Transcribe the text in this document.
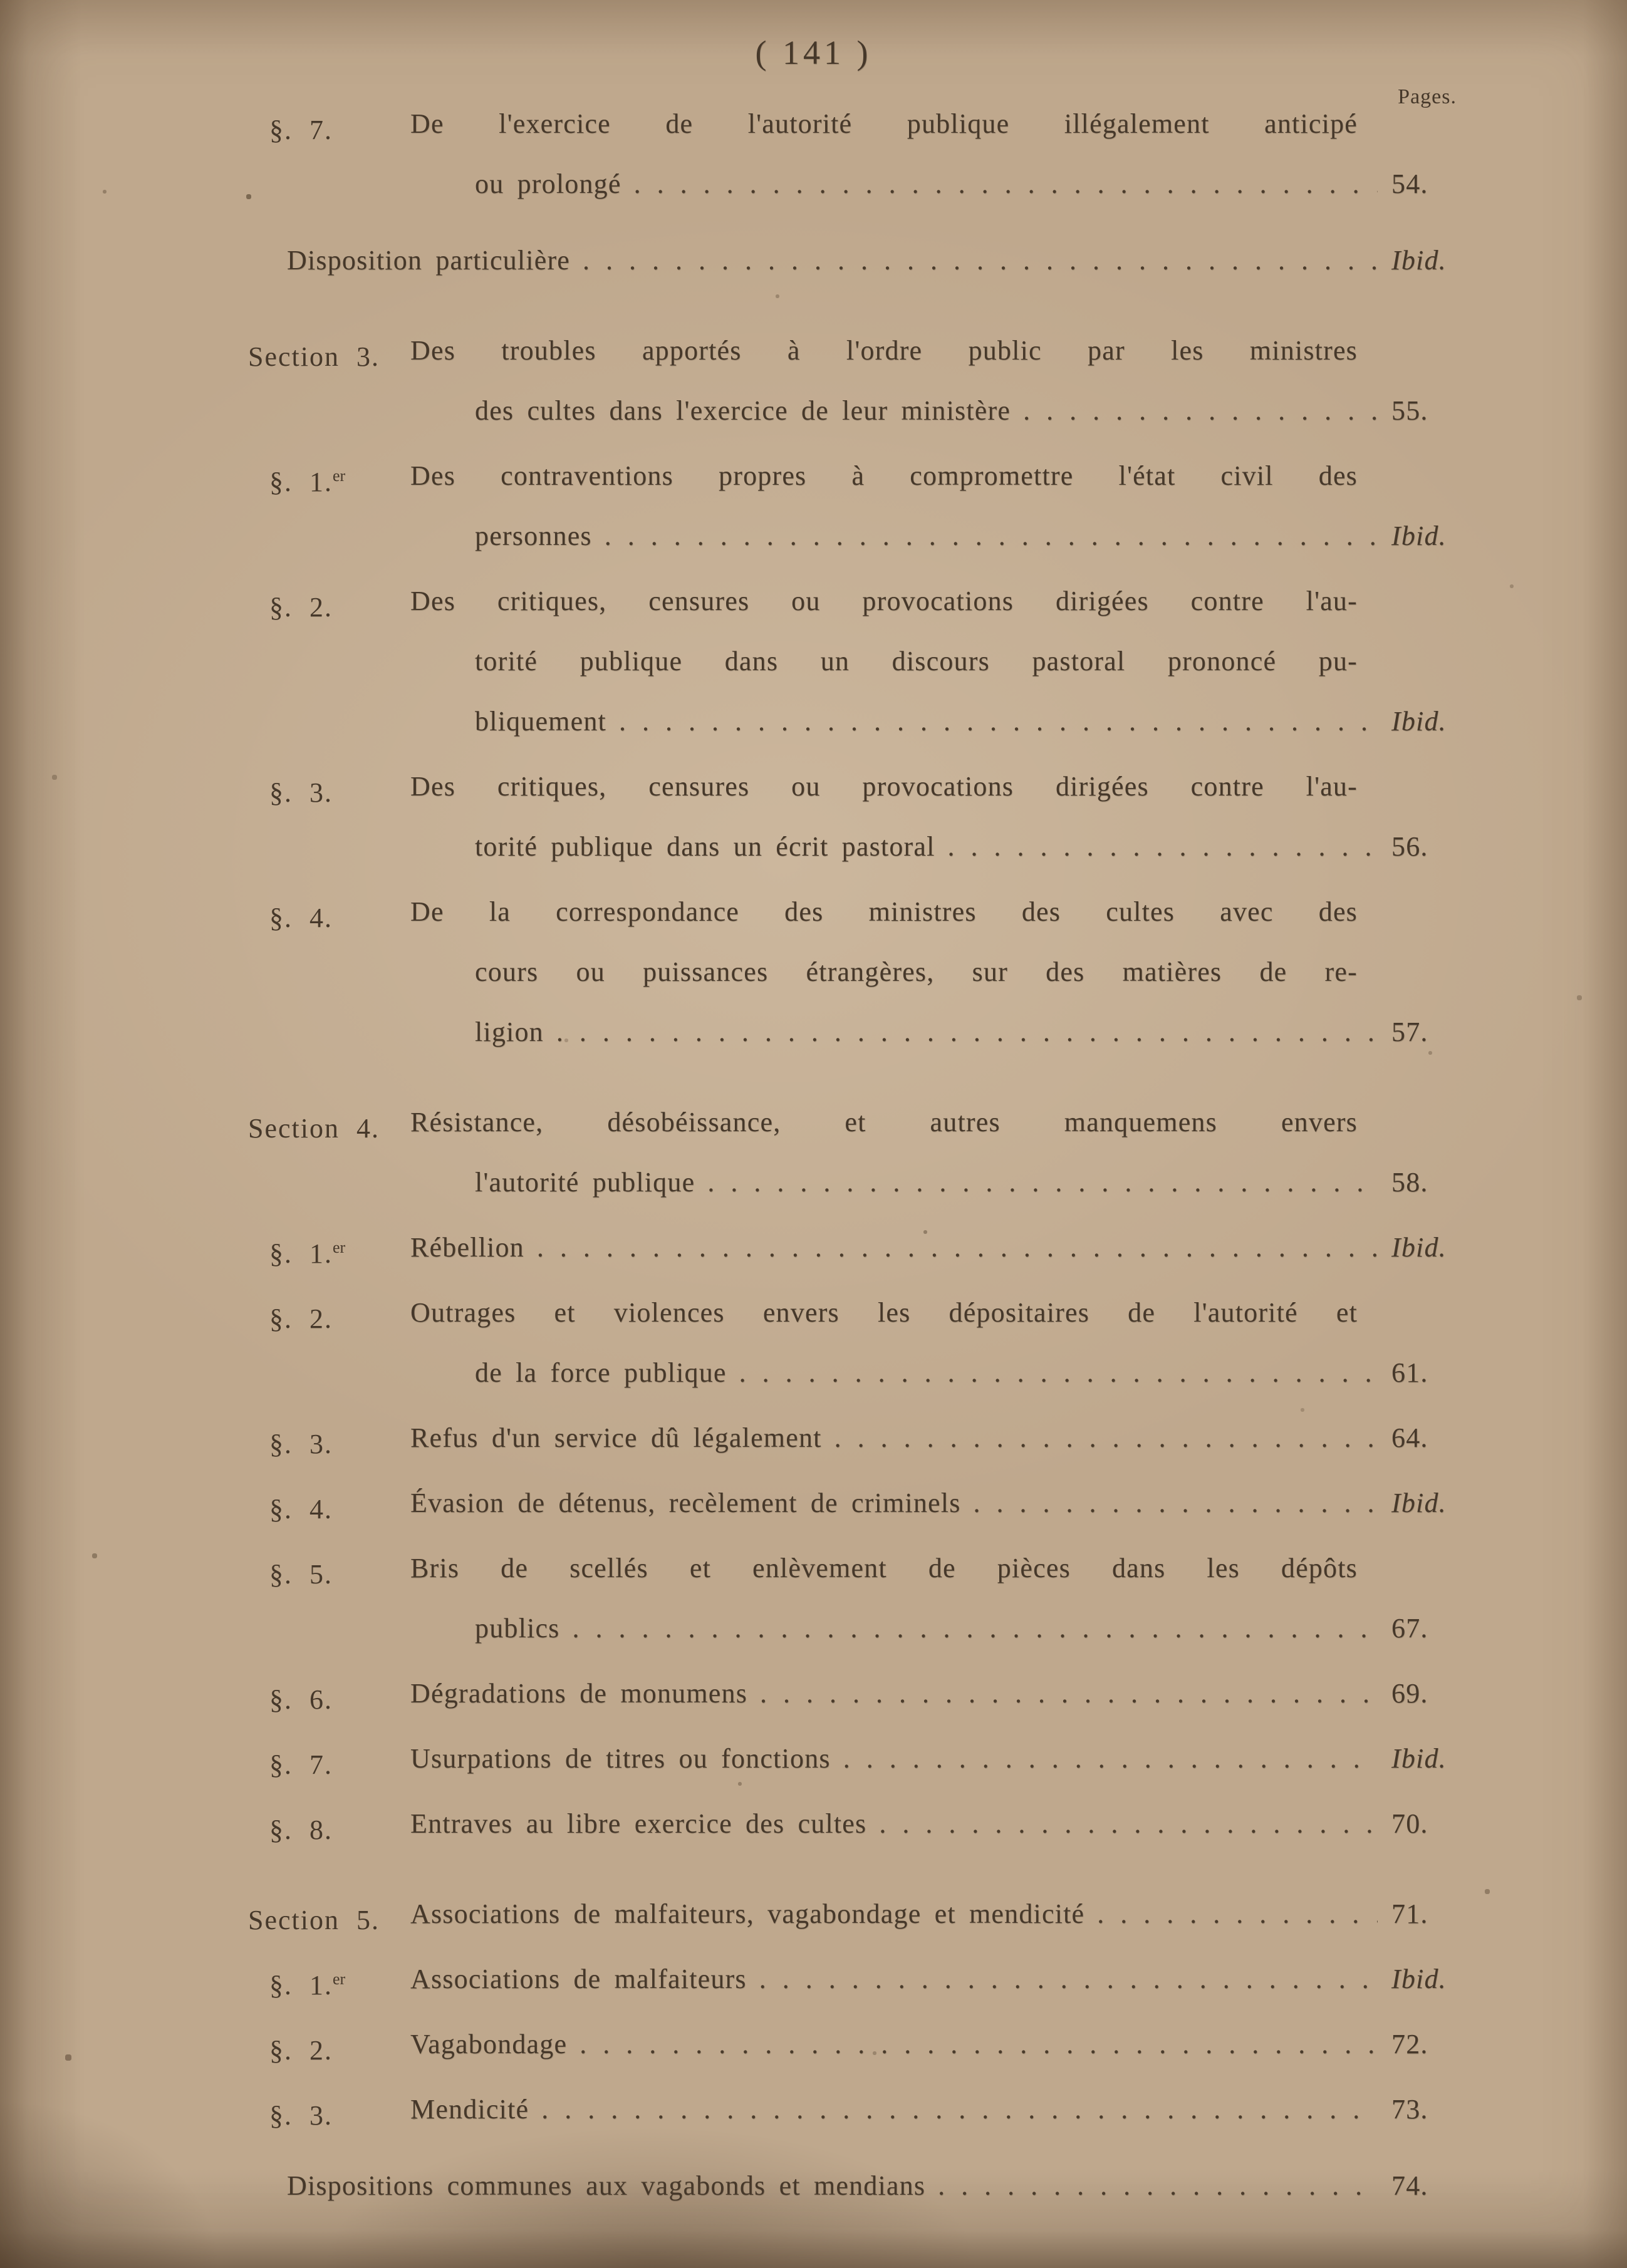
( 141 )
Pages.
§. 7.	De l'exercice de l'autorité publique illégalement anticipé
ou prolongé .....	54.
Disposition particulière .....	Ibid.
Section 3.	Des troubles apportés à l'ordre public par les ministres
des cultes dans l'exercice de leur ministère .....	55.
§. 1.$^{er}$	Des contraventions propres à compromettre l'état civil des
personnes .....	Ibid.
§. 2.	Des critiques, censures ou provocations dirigées contre l'au-
torité publique dans un discours pastoral prononcé pu-
bliquement .....	Ibid.
§. 3.	Des critiques, censures ou provocations dirigées contre l'au-
torité publique dans un écrit pastoral .....	56.
§. 4.	De la correspondance des ministres des cultes avec des
cours ou puissances étrangères, sur des matières de re-
ligion .....	57.
Section 4.	Résistance, désobéissance, et autres manquemens envers
l'autorité publique .....	58.
§. 1.$^{er}$ Rébellion .....	Ibid.
§. 2.	Outrages et violences envers les dépositaires de l'autorité et
de la force publique .....	61.
§. 3.	Refus d'un service dû légalement .....	64.
§. 4.	Évasion de détenus, recèlement de criminels .....	Ibid.
§. 5.	Bris de scellés et enlèvement de pièces dans les dépôts
publics .....	67.
§. 6.	Dégradations de monumens .....	69.
§. 7.	Usurpations de titres ou fonctions .....	Ibid.
§. 8.	Entraves au libre exercice des cultes .....	70.
Section 5. Associations de malfaiteurs, vagabondage et mendicité .....	71.
§. 1.$^{er}$ Associations de malfaiteurs .....	Ibid.
§. 2.	Vagabondage .....	72.
§. 3.	Mendicité .....	73.
Dispositions communes aux vagabonds et mendians .....	74.
